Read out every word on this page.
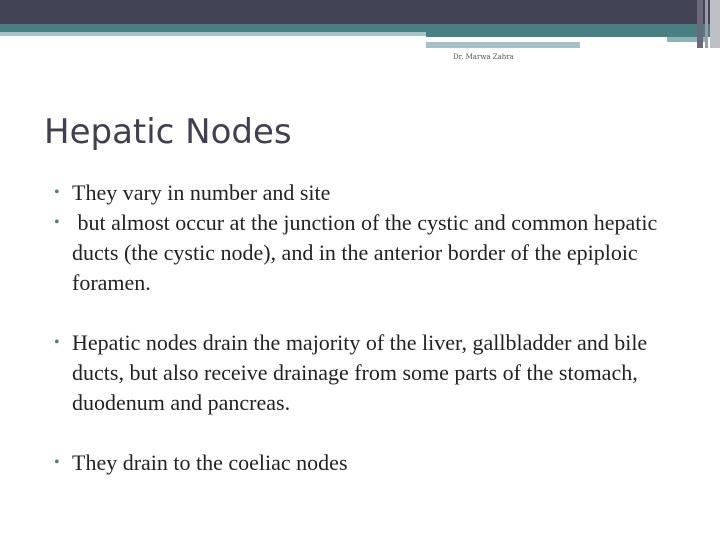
Dr. Marwa Zahra
Hepatic Nodes
• They vary in number and site
•  but almost occur at the junction of the cystic and common hepatic ducts (the cystic node), and in the anterior border of the epiploic foramen.
• Hepatic nodes drain the majority of the liver, gallbladder and bile ducts, but also receive drainage from some parts of the stomach, duodenum and pancreas.
• They drain to the coeliac nodes
